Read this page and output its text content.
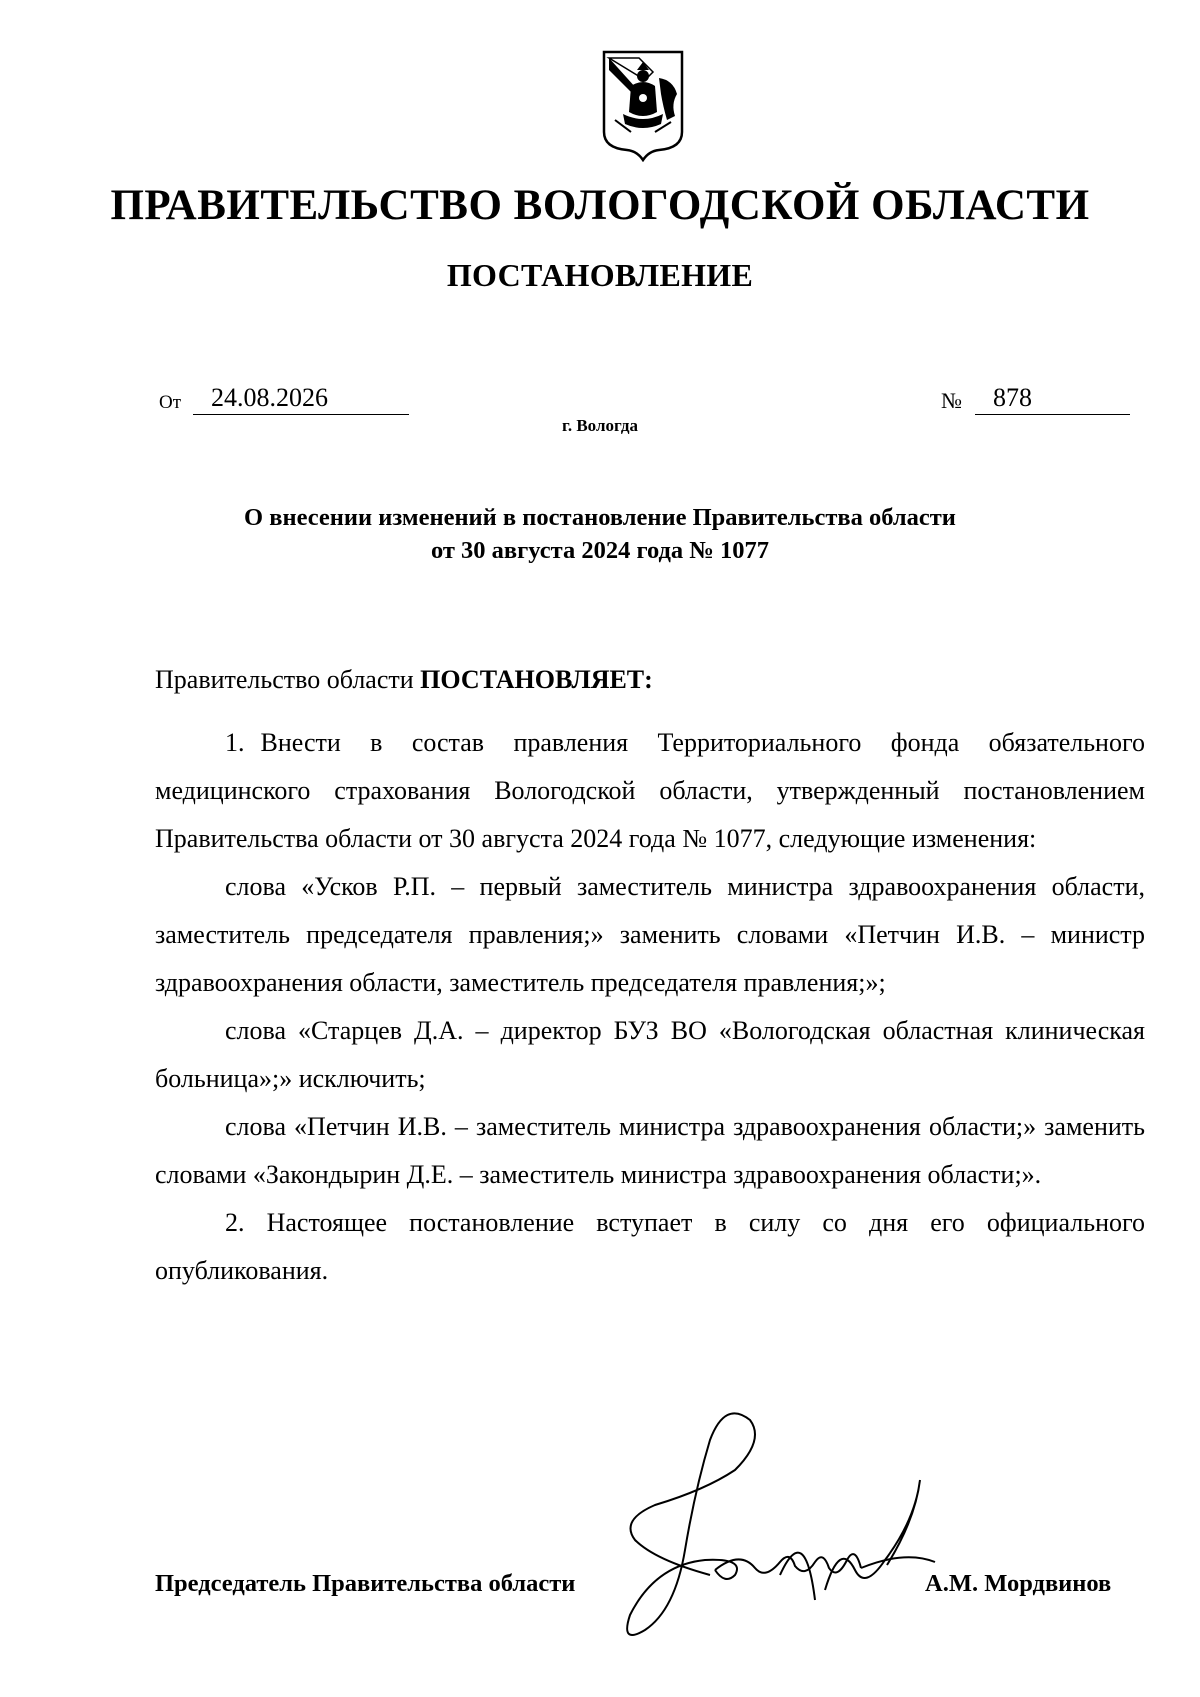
ПРАВИТЕЛЬСТВО ВОЛОГОДСКОЙ ОБЛАСТИ
ПОСТАНОВЛЕНИЕ
От	24.08.2026	№	878
г. Вологда
О внесении изменений в постановление Правительства области
от 30 августа 2024 года № 1077
Правительство области ПОСТАНОВЛЯЕТ:

1. Внести в состав правления Территориального фонда обязательного медицинского страхования Вологодской области, утвержденный постановлением Правительства области от 30 августа 2024 года № 1077, следующие изменения:

слова «Усков Р.П. – первый заместитель министра здравоохранения области, заместитель председателя правления;» заменить словами «Петчин И.В. – министр здравоохранения области, заместитель председателя правления;»;

слова «Старцев Д.А. – директор БУЗ ВО «Вологодская областная клиническая больница»;» исключить;

слова «Петчин И.В. – заместитель министра здравоохранения области;» заменить словами «Закондырин Д.Е. – заместитель министра здравоохранения области;».

2. Настоящее постановление вступает в силу со дня его официального опубликования.

Председатель Правительства области	А.М. Мордвинов
